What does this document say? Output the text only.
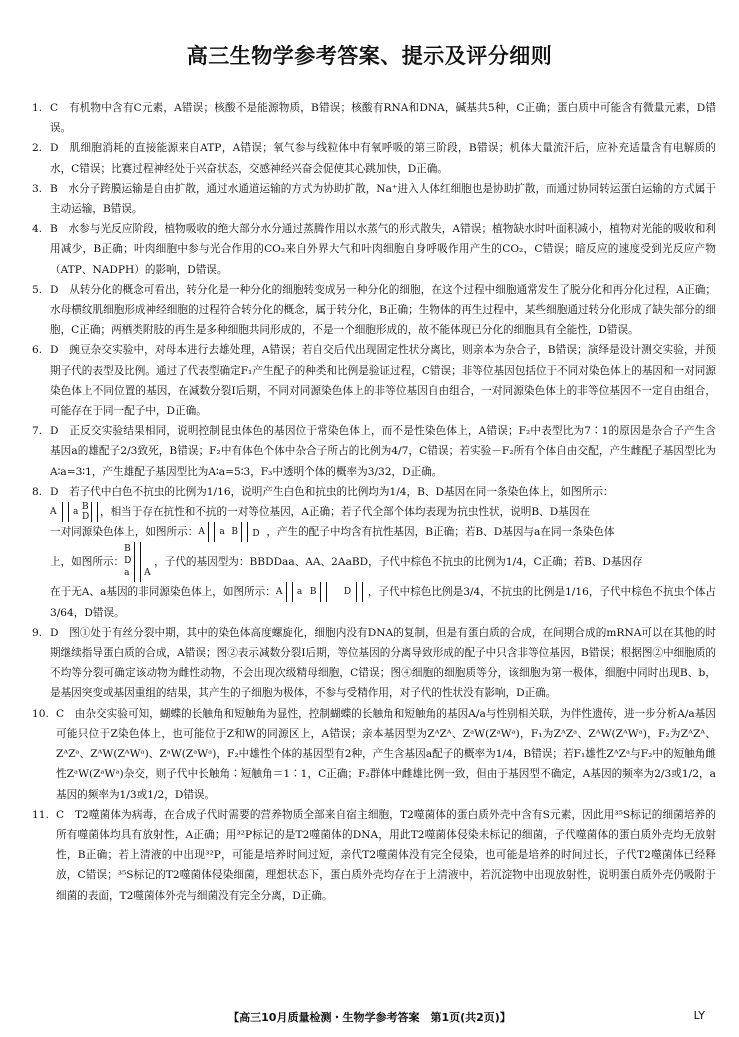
高三生物学参考答案、提示及评分细则

1. C　有机物中含有C元素，A错误；核酸不是能源物质，B错误；核酸有RNA和DNA，碱基共5种，C正确；蛋白质中可能含有微量元素，D错误。

2. D　肌细胞消耗的直接能源来自ATP，A错误；氧气参与线粒体中有氧呼吸的第三阶段，B错误；机体大量流汗后，应补充适量含有电解质的水，C错误；比赛过程神经处于兴奋状态，交感神经兴奋会促使其心跳加快，D正确。

3. B　水分子跨膜运输是自由扩散，通过水通道运输的方式为协助扩散，Na⁺进入人体红细胞也是协助扩散，而通过协同转运蛋白运输的方式属于主动运输，B错误。

4. B　水参与光反应阶段，植物吸收的绝大部分水分通过蒸腾作用以水蒸气的形式散失，A错误；植物缺水时叶面积减小，植物对光能的吸收和利用减少，B正确；叶肉细胞中参与光合作用的CO₂来自外界大气和叶肉细胞自身呼吸作用产生的CO₂，C错误；暗反应的速度受到光反应产物（ATP、NADPH）的影响，D错误。

5. D　从转分化的概念可看出，转分化是一种分化的细胞转变成另一种分化的细胞，在这个过程中细胞通常发生了脱分化和再分化过程，A正确；水母横纹肌细胞形成神经细胞的过程符合转分化的概念，属于转分化，B正确；生物体的再生过程中，某些细胞通过转分化形成了缺失部分的细胞，C正确；两栖类附肢的再生是多种细胞共同形成的，不是一个细胞形成的，故不能体现已分化的细胞具有全能性，D错误。

6. D　豌豆杂交实验中，对母本进行去雄处理，A错误；若自交后代出现固定性状分离比，则亲本为杂合子，B错误；演绎是设计测交实验，并预期子代的表型及比例。通过了代表型确定F₁产生配子的种类和比例是验证过程，C错误；非等位基因包括位于不同对染色体上的基因和一对同源染色体上不同位置的基因，在减数分裂Ⅰ后期，不同对同源染色体上的非等位基因自由组合，一对同源染色体上的非等位基因不一定自由组合，可能存在于同一配子中，D正确。

7. D　正反交实验结果相同，说明控制昆虫体色的基因位于常染色体上，而不是性染色体上，A错误；F₂中表型比为7∶1的原因是杂合子产生含基因a的雄配子2/3致死，B错误；F₂中有体色个体中杂合子所占的比例为4/7，C错误；若实验－F₂所有个体自由交配，产生雌配子基因型比为A∶a=3∶1，产生雄配子基因型比为A∶a=5∶3，F₃中透明个体的概率为3/32，D正确。

8. D　若子代中白色不抗虫的比例为1/16，说明产生白色和抗虫的比例均为1/4，B、D基因在同一条染色体上，如图所示：

A a B
D ，相当于存在抗性和不抗的一对等位基因，A正确；若子代全部个体均表现为抗虫性状，说明B、D基因在
一对同源染色体上，如图所示： A a B D ，产生的配子中均含有抗性基因，B正确；若B、D基因与a在同一条染色体
上，如图所示：
B
D
a A
，子代的基因型为：BBDDaa、AA、2AaBD，子代中棕色不抗虫的比例为1/4，C正确；若B、D基因存
在于无A、a基因的非同源染色体上，如图所示： A a B	D ，子代中棕色比例是3/4，不抗虫的比例是1/16，子代中棕色不抗虫个体占3/64，D错误。

9. D　图①处于有丝分裂中期，其中的染色体高度螺旋化，细胞内没有DNA的复制，但是有蛋白质的合成，在间期合成的mRNA可以在其他的时期继续指导蛋白质的合成，A错误；图②表示减数分裂Ⅰ后期，等位基因的分离导致形成的配子中只含非等位基因，B错误；根据图②中细胞质的不均等分裂可确定该动物为雌性动物，不会出现次级精母细胞，C错误；图④细胞的细胞质等分，该细胞为第一极体，细胞中同时出现B、b，是基因突变或基因重组的结果，其产生的子细胞为极体，不参与受精作用，对子代的性状没有影响，D正确。

10. C　由杂交实验可知，蝴蝶的长触角和短触角为显性，控制蝴蝶的长触角和短触角的基因A/a与性别相关联，为伴性遗传，进一步分析A/a基因可能只位于Z染色体上，也可能位于Z和W的同源区上，A错误；亲本基因型为ZᴬZᴬ、ZᵃW(ZᵃWᵃ)，F₁为ZᴬZᵃ、ZᴬW(ZᴬWᵃ)，F₂为ZᴬZᴬ、ZᴬZᵃ、ZᴬW(ZᴬWᵃ)、ZᵃW(ZᵃWᵃ)，F₂中雄性个体的基因型有2种，产生含基因a配子的概率为1/4，B错误；若F₁雄性ZᴬZᵃ与F₂中的短触角雌性ZᵃW(ZᵃWᵃ)杂交，则子代中长触角∶短触角＝1∶1，C正确；F₂群体中雌雄比例一致，但由于基因型不确定，A基因的频率为2/3或1/2，a基因的频率为1/3或1/2，D错误。

11. C　T2噬菌体为病毒，在合成子代时需要的营养物质全部来自宿主细胞，T2噬菌体的蛋白质外壳中含有S元素，因此用³⁵S标记的细菌培养的所有噬菌体均具有放射性，A正确；用³²P标记的是T2噬菌体的DNA，用此T2噬菌体侵染未标记的细菌，子代噬菌体的蛋白质外壳均无放射性，B正确；若上清液的中出现³²P，可能是培养时间过短，亲代T2噬菌体没有完全侵染，也可能是培养的时间过长，子代T2噬菌体已经释放，C错误；³⁵S标记的T2噬菌体侵染细菌，理想状态下，蛋白质外壳均存在于上清液中，若沉淀物中出现放射性，说明蛋白质外壳仍吸附于细菌的表面，T2噬菌体外壳与细菌没有完全分离，D正确。

【高三10月质量检测・生物学参考答案　第1页(共2页)】	LY
